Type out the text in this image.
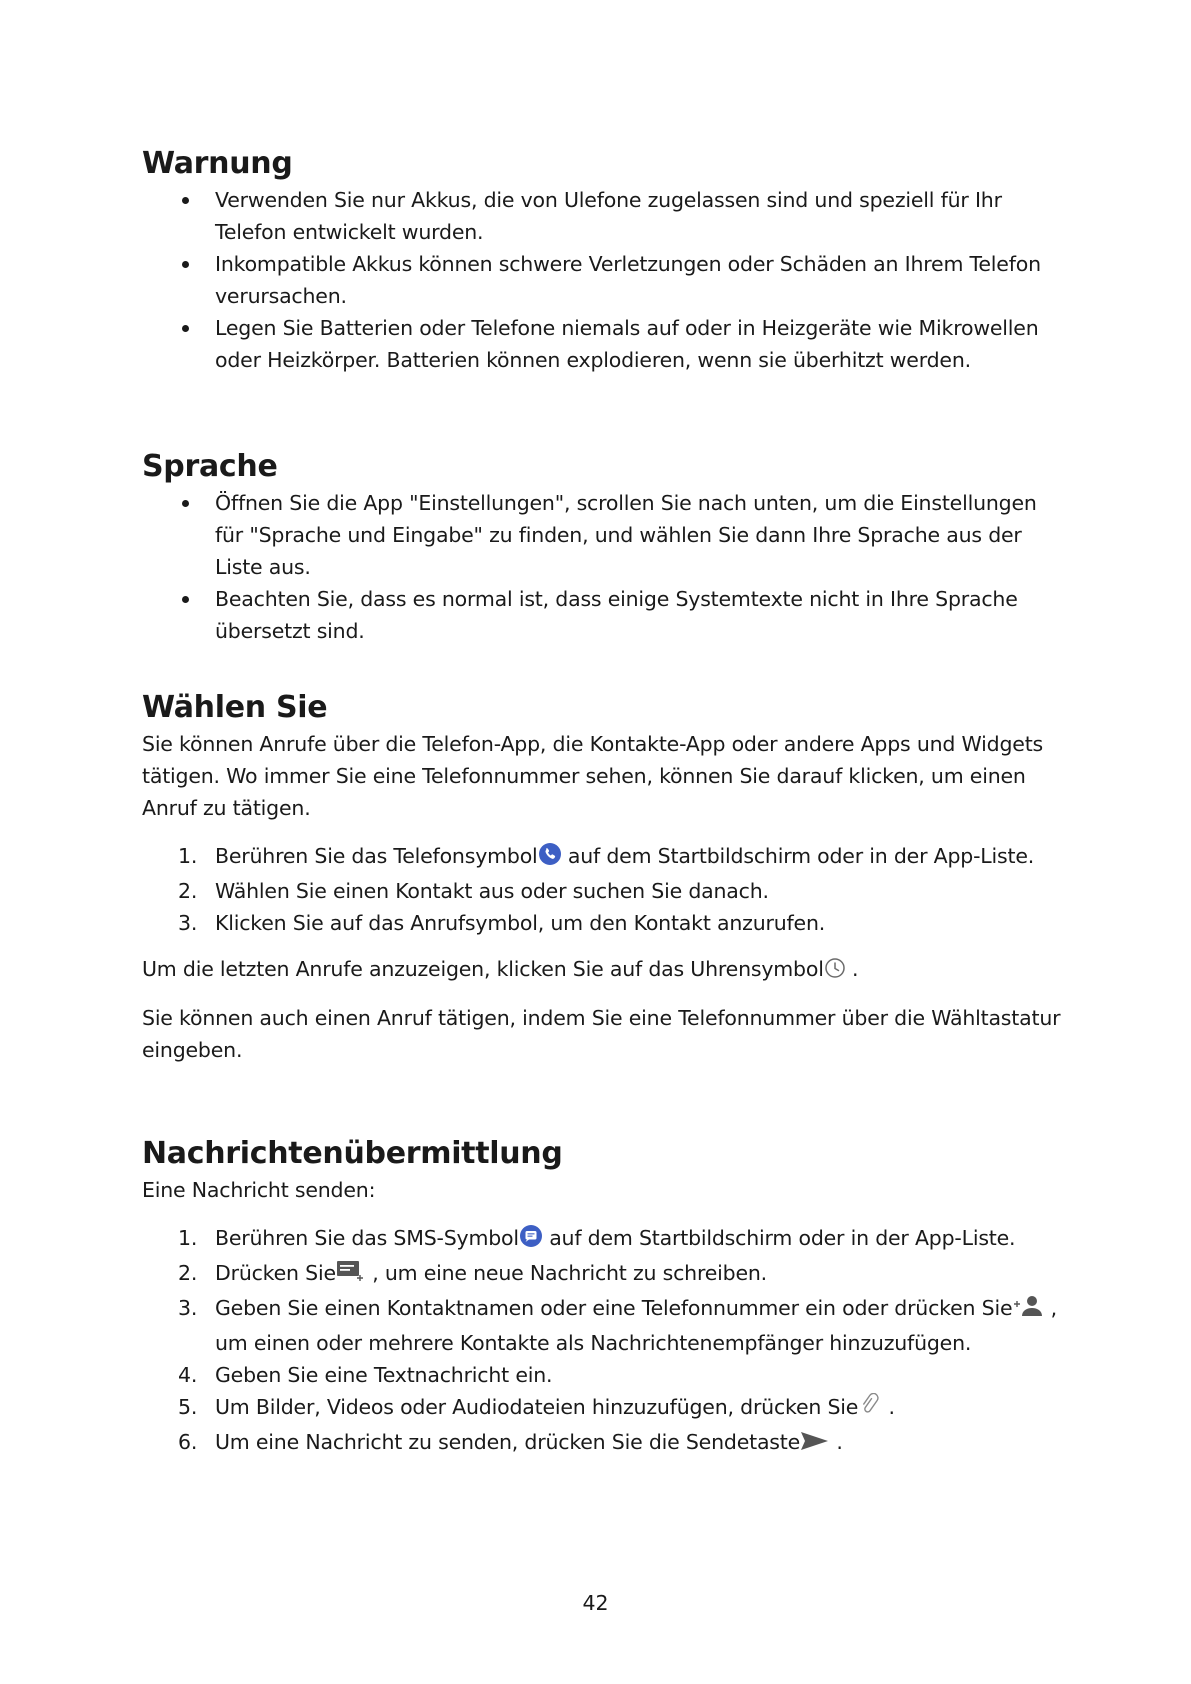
Warnung
Verwenden Sie nur Akkus, die von Ulefone zugelassen sind und speziell für Ihr Telefon entwickelt wurden.
Inkompatible Akkus können schwere Verletzungen oder Schäden an Ihrem Telefon verursachen.
Legen Sie Batterien oder Telefone niemals auf oder in Heizgeräte wie Mikrowellen oder Heizkörper. Batterien können explodieren, wenn sie überhitzt werden.
Sprache
Öffnen Sie die App "Einstellungen", scrollen Sie nach unten, um die Einstellungen für "Sprache und Eingabe" zu finden, und wählen Sie dann Ihre Sprache aus der Liste aus.
Beachten Sie, dass es normal ist, dass einige Systemtexte nicht in Ihre Sprache übersetzt sind.
Wählen Sie

Sie können Anrufe über die Telefon-App, die Kontakte-App oder andere Apps und Widgets tätigen. Wo immer Sie eine Telefonnummer sehen, können Sie darauf klicken, um einen Anruf zu tätigen.

1. Berühren Sie das Telefonsymbol auf dem Startbildschirm oder in der App-Liste.
2. Wählen Sie einen Kontakt aus oder suchen Sie danach.
3. Klicken Sie auf das Anrufsymbol, um den Kontakt anzurufen.

Um die letzten Anrufe anzuzeigen, klicken Sie auf das Uhrensymbol .

Sie können auch einen Anruf tätigen, indem Sie eine Telefonnummer über die Wähltastatur eingeben.

Nachrichtenübermittlung

Eine Nachricht senden:

1. Berühren Sie das SMS-Symbol auf dem Startbildschirm oder in der App-Liste.
2. Drücken Sie , um eine neue Nachricht zu schreiben.
3. Geben Sie einen Kontaktnamen oder eine Telefonnummer ein oder drücken Sie , um einen oder mehrere Kontakte als Nachrichtenempfänger hinzuzufügen.
4. Geben Sie eine Textnachricht ein.
5. Um Bilder, Videos oder Audiodateien hinzuzufügen, drücken Sie .
6. Um eine Nachricht zu senden, drücken Sie die Sendetaste .
42
